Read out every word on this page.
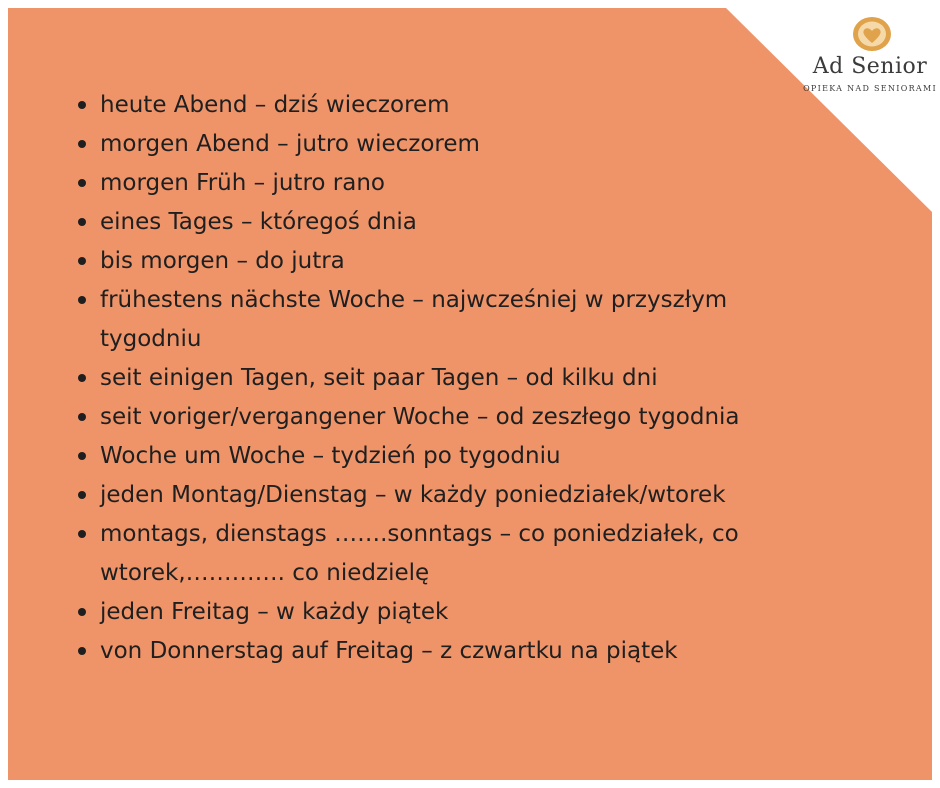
Ad Senior
OPIEKA NAD SENIORAMI
heute Abend – dziś wieczorem
morgen Abend – jutro wieczorem
morgen Früh – jutro rano
eines Tages – któregoś dnia
bis morgen – do jutra
frühestens nächste Woche – najwcześniej w przyszłym tygodniu
seit einigen Tagen, seit paar Tagen – od kilku dni
seit voriger/vergangener Woche – od zeszłego tygodnia
Woche um Woche – tydzień po tygodniu
jeden Montag/Dienstag – w każdy poniedziałek/wtorek
montags, dienstags …….sonntags – co poniedziałek, co wtorek,…………. co niedzielę
jeden Freitag – w każdy piątek
von Donnerstag auf Freitag – z czwartku na piątek
